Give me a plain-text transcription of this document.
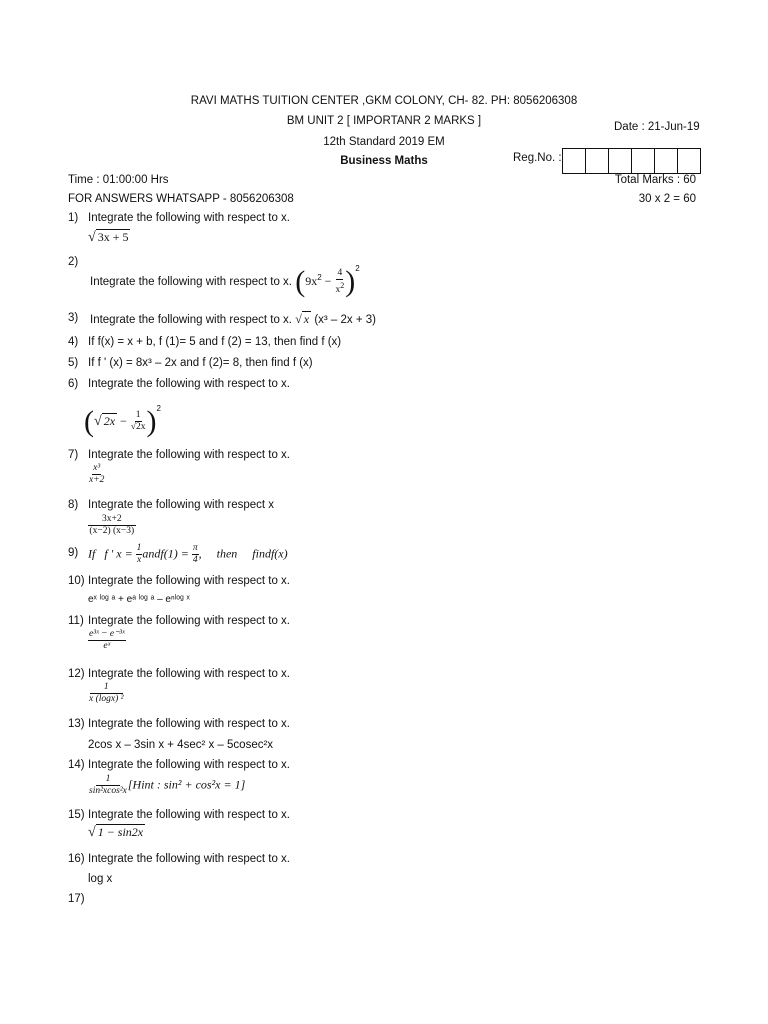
RAVI MATHS TUITION CENTER ,GKM COLONY, CH- 82. PH: 8056206308
BM UNIT 2 [ IMPORTANR 2 MARKS ]
12th Standard 2019 EM
Business Maths
Date : 21-Jun-19
Reg.No. :
Time : 01:00:00 Hrs	Total Marks : 60
FOR ANSWERS WHATSAPP - 8056206308	30 x 2 = 60
1) Integrate the following with respect to x.
√ 3x + 5
2)
Integrate the following with respect to x. $(9x^2 - \frac{4}{x^2} )^2$
3) Integrate the following with respect to x. √ x (x³ – 2x + 3)
4) If f(x) = x + b, f (1)= 5 and f (2) = 13, then find f (x)
5) If f ' (x) = 8x³ – 2x and f (2)= 8, then find f (x)
6) Integrate the following with respect to x.
(√ $2x - \frac{1}{√2x} )^2$
7) Integrate the following with respect to x.
$\frac{\text{x³}}{x+2}$
8) Integrate the following with respect x
$\frac{3x+2}{(x-2) (x-3)}$
9) If f ' $x = \frac{1}{x}$ andf(1) = $\frac{\pi}{4}$ ,     then findf(x)
10) Integrate the following with respect to x.
eˣ ˡᵒᵍ ᵃ + eᵃ ˡᵒᵍ ᵃ – eⁿˡᵒᵍ ˣ
11) Integrate the following with respect to x.
$\frac{\text{e³ˣ − e⁻³ˣ}}{\text{eˣ}}$
12) Integrate the following with respect to x.
$\frac{1}{\text{x (logx) ²}}$
13) Integrate the following with respect to x.
2cos x – 3sin x + 4sec² x – 5cosec²x
14) Integrate the following with respect to x.
$\frac{1}{\text{sin²xcos²x}}$ [Hint : sin² + cos²x = 1]
15) Integrate the following with respect to x.
√ 1 − sin2x
16) Integrate the following with respect to x.
log x
17)
